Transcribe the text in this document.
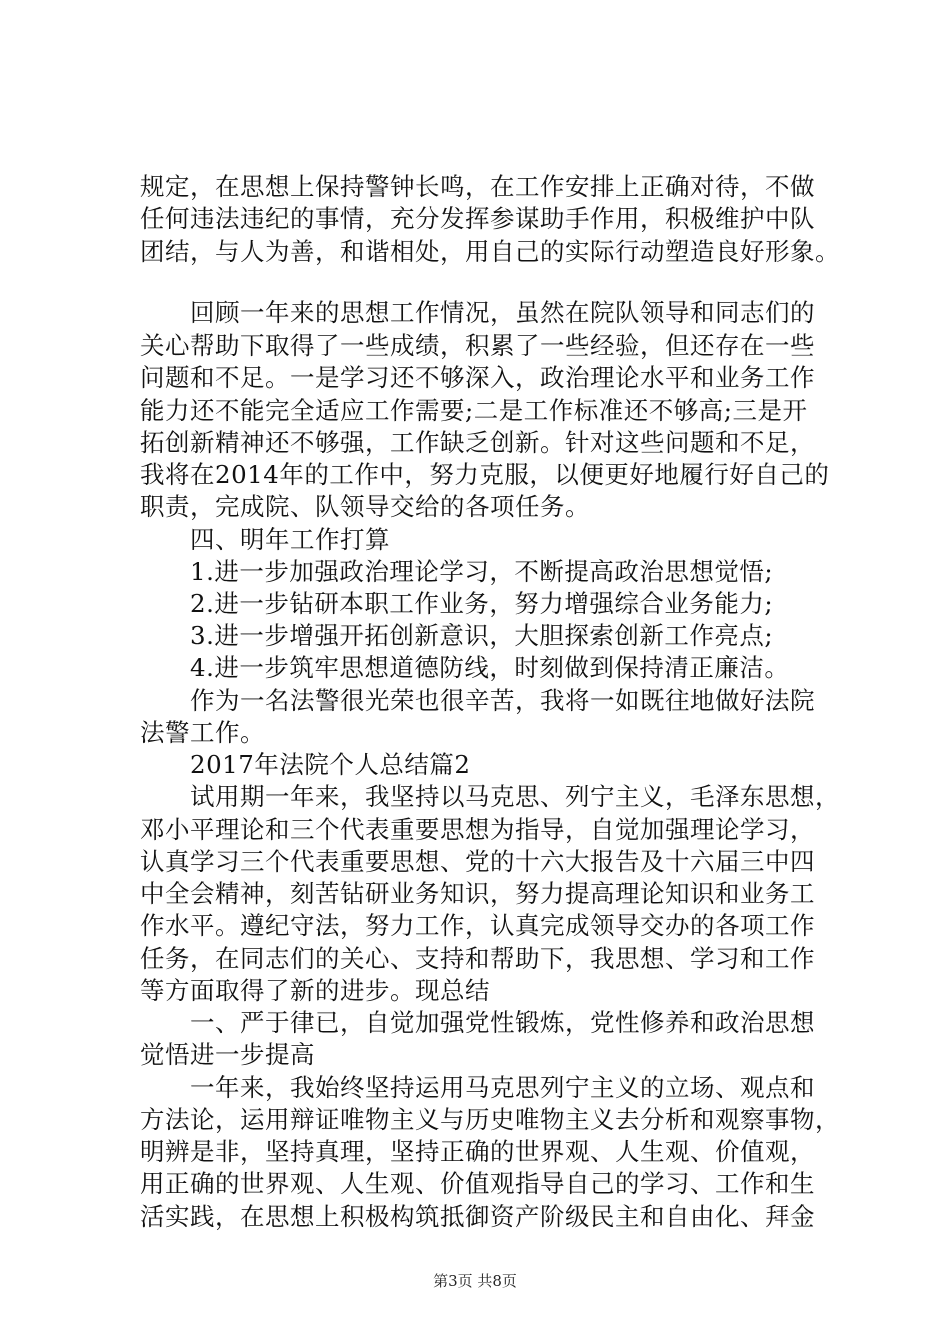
规定，在思想上保持警钟长鸣，在工作安排上正确对待，不做
任何违法违纪的事情，充分发挥参谋助手作用，积极维护中队
团结，与人为善，和谐相处，用自己的实际行动塑造良好形象。
　　回顾一年来的思想工作情况，虽然在院队领导和同志们的
关心帮助下取得了一些成绩，积累了一些经验，但还存在一些
问题和不足。一是学习还不够深入，政治理论水平和业务工作
能力还不能完全适应工作需要;二是工作标准还不够高;三是开
拓创新精神还不够强，工作缺乏创新。针对这些问题和不足，
我将在2014年的工作中，努力克服，以便更好地履行好自己的
职责，完成院、队领导交给的各项任务。
　　四、明年工作打算
　　1.进一步加强政治理论学习，不断提高政治思想觉悟;
　　2.进一步钻研本职工作业务，努力增强综合业务能力;
　　3.进一步增强开拓创新意识，大胆探索创新工作亮点;
　　4.进一步筑牢思想道德防线，时刻做到保持清正廉洁。
　　作为一名法警很光荣也很辛苦，我将一如既往地做好法院
法警工作。
　　2017年法院个人总结篇2
　　试用期一年来，我坚持以马克思、列宁主义，毛泽东思想，
邓小平理论和三个代表重要思想为指导，自觉加强理论学习，
认真学习三个代表重要思想、党的十六大报告及十六届三中四
中全会精神，刻苦钻研业务知识，努力提高理论知识和业务工
作水平。遵纪守法，努力工作，认真完成领导交办的各项工作
任务，在同志们的关心、支持和帮助下，我思想、学习和工作
等方面取得了新的进步。现总结
　　一、严于律已，自觉加强党性锻炼，党性修养和政治思想
觉悟进一步提高
　　一年来，我始终坚持运用马克思列宁主义的立场、观点和
方法论，运用辩证唯物主义与历史唯物主义去分析和观察事物，
明辨是非，坚持真理，坚持正确的世界观、人生观、价值观，
用正确的世界观、人生观、价值观指导自己的学习、工作和生
活实践，在思想上积极构筑抵御资产阶级民主和自由化、拜金
第3页 共8页
